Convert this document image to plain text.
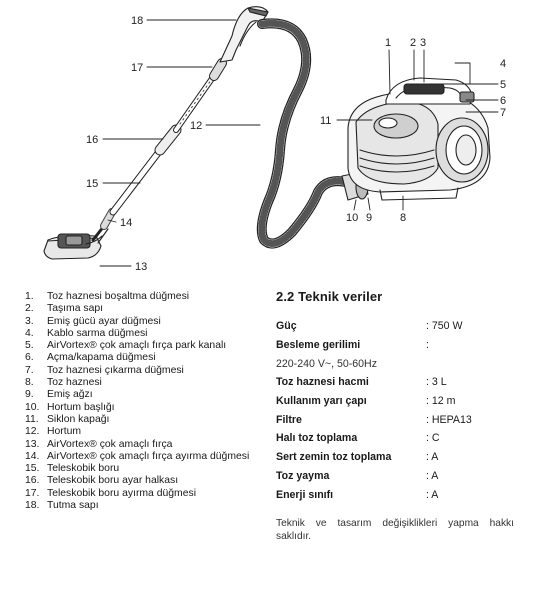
18
17
16
15
14
13
12	11
1 2 3
4
5
6
7
8
9
10
1.	Toz haznesi boşaltma düğmesi
2.	Taşıma sapı
3.	Emiş gücü ayar düğmesi
4.	Kablo sarma düğmesi
5.	AirVortex® çok amaçlı fırça park kanalı
6.	Açma/kapama düğmesi
7.	Toz haznesi çıkarma düğmesi
8.	Toz haznesi
9.	Emiş ağzı
10. Hortum başlığı
11. Siklon kapağı
12. Hortum
13. AirVortex® çok amaçlı fırça
14. AirVortex® çok amaçlı fırça ayırma düğmesi
15. Teleskobik boru
16. Teleskobik boru ayar halkası
17. Teleskobik boru ayırma düğmesi
18. Tutma sapı
2.2 Teknik veriler
Güç	: 750 W
Besleme gerilimi	:
220-240 V~, 50-60Hz
Toz haznesi hacmi	: 3 L
Kullanım yarı çapı	: 12 m
Filtre	: HEPA13
Halı toz toplama	: C
Sert zemin toz toplama	: A
Toz yayma	: A
Enerji sınıfı	: A
Teknik ve tasarım değişiklikleri yapma hakkı saklıdır.
